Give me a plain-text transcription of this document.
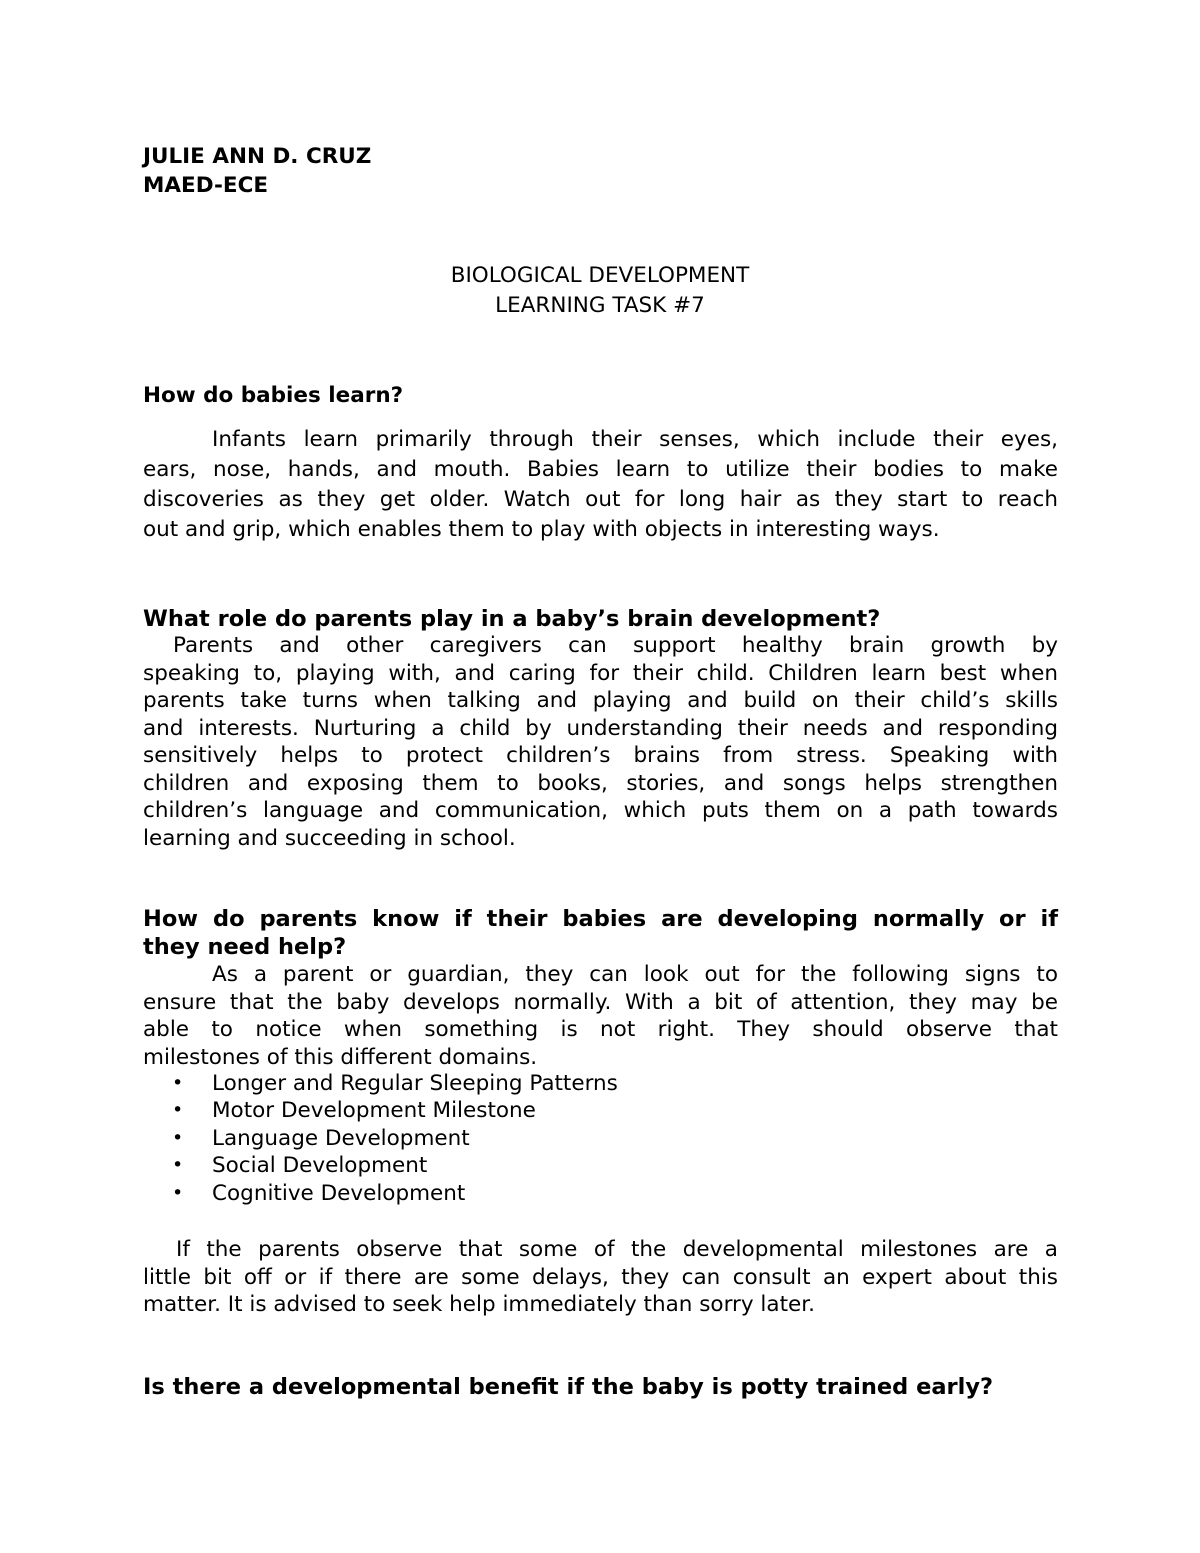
JULIE ANN D. CRUZ
MAED-ECE
BIOLOGICAL DEVELOPMENT
LEARNING TASK #7
How do babies learn?
Infants learn primarily through their senses, which include their eyes,
ears, nose, hands, and mouth. Babies learn to utilize their bodies to make
discoveries as they get older. Watch out for long hair as they start to reach
out and grip, which enables them to play with objects in interesting ways.
What role do parents play in a baby’s brain development?
Parents and other caregivers can support healthy brain growth by
speaking to, playing with, and caring for their child. Children learn best when
parents take turns when talking and playing and build on their child’s skills
and interests. Nurturing a child by understanding their needs and responding
sensitively helps to protect children’s brains from stress. Speaking with
children and exposing them to books, stories, and songs helps strengthen
children’s language and communication, which puts them on a path towards
learning and succeeding in school.
How do parents know if their babies are developing normally or if
they need help?
As a parent or guardian, they can look out for the following signs to
ensure that the baby develops normally. With a bit of attention, they may be
able to notice when something is not right. They should observe that
milestones of this different domains.
• Longer and Regular Sleeping Patterns
• Motor Development Milestone
• Language Development
• Social Development
• Cognitive Development
If the parents observe that some of the developmental milestones are a
little bit off or if there are some delays, they can consult an expert about this
matter. It is advised to seek help immediately than sorry later.
Is there a developmental benefit if the baby is potty trained early?
